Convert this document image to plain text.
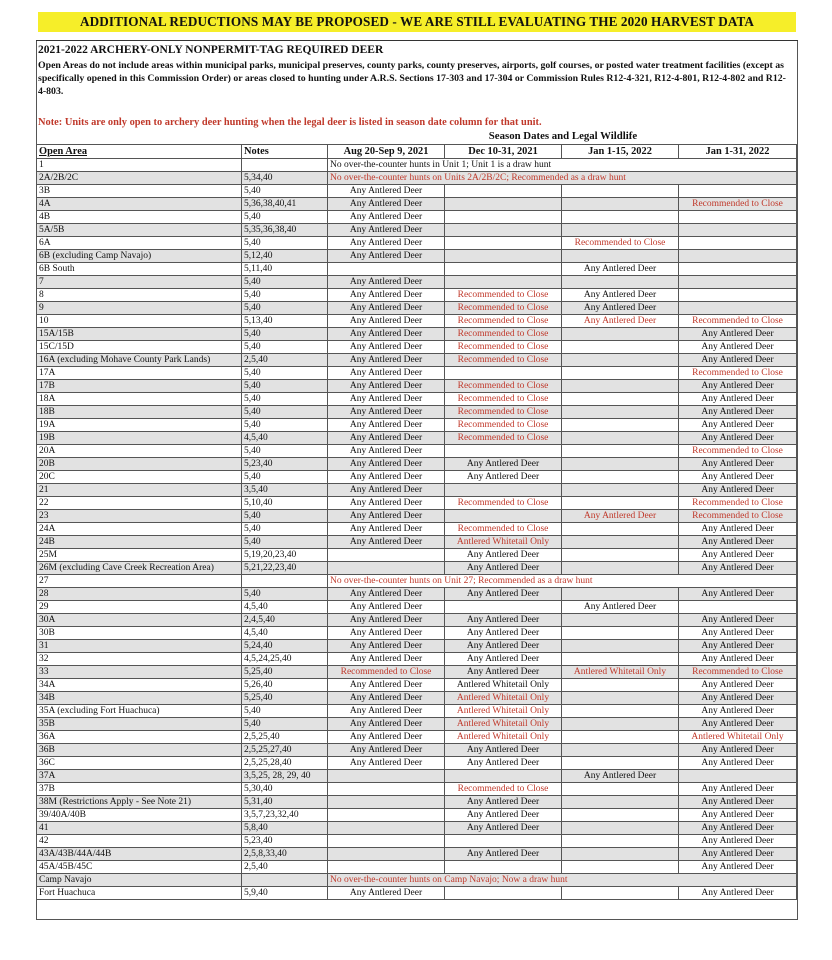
ADDITIONAL REDUCTIONS MAY BE PROPOSED - WE ARE STILL EVALUATING THE 2020 HARVEST DATA
2021-2022 ARCHERY-ONLY NONPERMIT-TAG REQUIRED DEER
Open Areas do not include areas within municipal parks, municipal preserves, county parks, county preserves, airports, golf courses, or posted water treatment facilities (except as specifically opened in this Commission Order) or areas closed to hunting under A.R.S. Sections 17-303 and 17-304 or Commission Rules R12-4-321, R12-4-801, R12-4-802 and R12-4-803.
Note: Units are only open to archery deer hunting when the legal deer is listed in season date column for that unit.
Season Dates and Legal Wildlife
Open Area	Notes	Aug 20-Sep 9, 2021	Dec 10-31, 2021	Jan 1-15, 2022	Jan 1-31, 2022
1		No over-the-counter hunts in Unit 1; Unit 1 is a draw hunt			
2A/2B/2C	5,34,40	No over-the-counter hunts on Units 2A/2B/2C; Recommended as a draw hunt			
3B	5,40	Any Antlered Deer			
4A	5,36,38,40,41	Any Antlered Deer			Recommended to Close
4B	5,40	Any Antlered Deer			
5A/5B	5,35,36,38,40	Any Antlered Deer			
6A	5,40	Any Antlered Deer		Recommended to Close	
6B (excluding Camp Navajo)	5,12,40	Any Antlered Deer			
6B South	5,11,40			Any Antlered Deer	
7	5,40	Any Antlered Deer			
8	5,40	Any Antlered Deer	Recommended to Close	Any Antlered Deer	
9	5,40	Any Antlered Deer	Recommended to Close	Any Antlered Deer	
10	5,13,40	Any Antlered Deer	Recommended to Close	Any Antlered Deer	Recommended to Close
15A/15B	5,40	Any Antlered Deer	Recommended to Close		Any Antlered Deer
15C/15D	5,40	Any Antlered Deer	Recommended to Close		Any Antlered Deer
16A (excluding Mohave County Park Lands)	2,5,40	Any Antlered Deer	Recommended to Close		Any Antlered Deer
17A	5,40	Any Antlered Deer			Recommended to Close
17B	5,40	Any Antlered Deer	Recommended to Close		Any Antlered Deer
18A	5,40	Any Antlered Deer	Recommended to Close		Any Antlered Deer
18B	5,40	Any Antlered Deer	Recommended to Close		Any Antlered Deer
19A	5,40	Any Antlered Deer	Recommended to Close		Any Antlered Deer
19B	4,5,40	Any Antlered Deer	Recommended to Close		Any Antlered Deer
20A	5,40	Any Antlered Deer			Recommended to Close
20B	5,23,40	Any Antlered Deer	Any Antlered Deer		Any Antlered Deer
20C	5,40	Any Antlered Deer	Any Antlered Deer		Any Antlered Deer
21	3,5,40	Any Antlered Deer			Any Antlered Deer
22	5,10,40	Any Antlered Deer	Recommended to Close		Recommended to Close
23	5,40	Any Antlered Deer		Any Antlered Deer	Recommended to Close
24A	5,40	Any Antlered Deer	Recommended to Close		Any Antlered Deer
24B	5,40	Any Antlered Deer	Antlered Whitetail Only		Any Antlered Deer
25M	5,19,20,23,40		Any Antlered Deer		Any Antlered Deer
26M (excluding Cave Creek Recreation Area)	5,21,22,23,40		Any Antlered Deer		Any Antlered Deer
27		No over-the-counter hunts on Unit 27; Recommended as a draw hunt			
28	5,40	Any Antlered Deer	Any Antlered Deer		Any Antlered Deer
29	4,5,40	Any Antlered Deer		Any Antlered Deer	
30A	2,4,5,40	Any Antlered Deer	Any Antlered Deer		Any Antlered Deer
30B	4,5,40	Any Antlered Deer	Any Antlered Deer		Any Antlered Deer
31	5,24,40	Any Antlered Deer	Any Antlered Deer		Any Antlered Deer
32	4,5,24,25,40	Any Antlered Deer	Any Antlered Deer		Any Antlered Deer
33	5,25,40	Recommended to Close	Any Antlered Deer	Antlered Whitetail Only	Recommended to Close
34A	5,26,40	Any Antlered Deer	Antlered Whitetail Only		Any Antlered Deer
34B	5,25,40	Any Antlered Deer	Antlered Whitetail Only		Any Antlered Deer
35A (excluding Fort Huachuca)	5,40	Any Antlered Deer	Antlered Whitetail Only		Any Antlered Deer
35B	5,40	Any Antlered Deer	Antlered Whitetail Only		Any Antlered Deer
36A	2,5,25,40	Any Antlered Deer	Antlered Whitetail Only		Antlered Whitetail Only
36B	2,5,25,27,40	Any Antlered Deer	Any Antlered Deer		Any Antlered Deer
36C	2,5,25,28,40	Any Antlered Deer	Any Antlered Deer		Any Antlered Deer
37A	3,5,25, 28, 29, 40			Any Antlered Deer	
37B	5,30,40		Recommended to Close		Any Antlered Deer
38M (Restrictions Apply - See Note 21)	5,31,40		Any Antlered Deer		Any Antlered Deer
39/40A/40B	3,5,7,23,32,40		Any Antlered Deer		Any Antlered Deer
41	5,8,40		Any Antlered Deer		Any Antlered Deer
42	5,23,40				Any Antlered Deer
43A/43B/44A/44B	2,5,8,33,40		Any Antlered Deer		Any Antlered Deer
45A/45B/45C	2,5,40				Any Antlered Deer
Camp Navajo		No over-the-counter hunts on Camp Navajo; Now a draw hunt			
Fort Huachuca	5,9,40	Any Antlered Deer			Any Antlered Deer
